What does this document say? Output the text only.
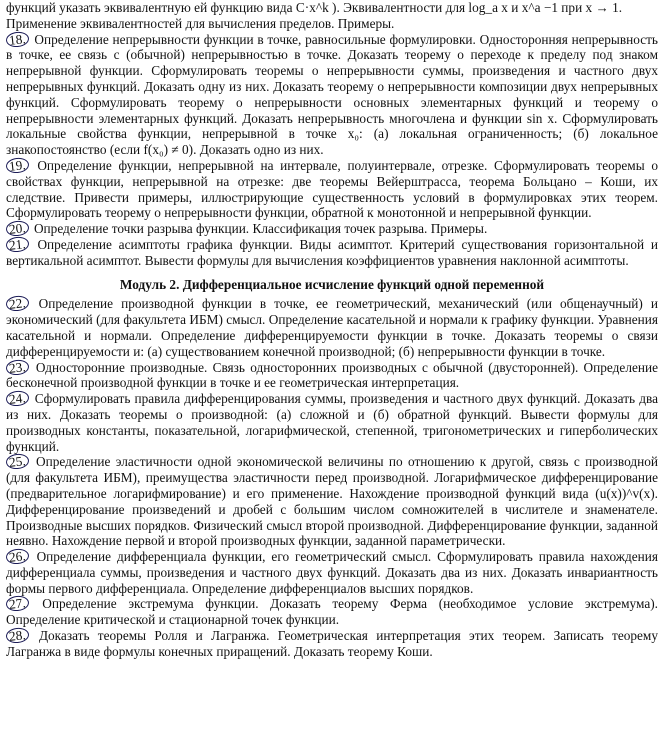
функций указать эквивалентную ей функцию вида C·x^k ). Эквивалентности для log_a x и x^a −1 при x → 1.

Применение эквивалентностей для вычисления пределов. Примеры.

18. Определение непрерывности функции в точке, равносильные формулировки. Односторонняя непрерывность в точке, ее связь с (обычной) непрерывностью в точке. Доказать теорему о переходе к пределу под знаком непрерывной функции. Сформулировать теоремы о непрерывности суммы, произведения и частного двух непрерывных функций. Доказать одну из них. Доказать теорему о непрерывности композиции двух непрерывных функций. Сформулировать теорему о непрерывности основных элементарных функций и теорему о непрерывности элементарных функций. Доказать непрерывность многочлена и функции sin x. Сформулировать локальные свойства функции, непрерывной в точке x₀: (а) локальная ограниченность; (б) локальное знакопостоянство (если f(x₀) ≠ 0). Доказать одно из них.

19. Определение функции, непрерывной на интервале, полуинтервале, отрезке. Сформулировать теоремы о свойствах функции, непрерывной на отрезке: две теоремы Вейерштрасса, теорема Больцано – Коши, их следствие. Привести примеры, иллюстрирующие существенность условий в формулировках этих теорем. Сформулировать теорему о непрерывности функции, обратной к монотонной и непрерывной функции.

20. Определение точки разрыва функции. Классификация точек разрыва. Примеры.

21. Определение асимптоты графика функции. Виды асимптот. Критерий существования горизонтальной и вертикальной асимптот. Вывести формулы для вычисления коэффициентов уравнения наклонной асимптоты.

Модуль 2. Дифференциальное исчисление функций одной переменной

22. Определение производной функции в точке, ее геометрический, механический (или общенаучный) и экономический (для факультета ИБМ) смысл. Определение касательной и нормали к графику функции. Уравнения касательной и нормали. Определение дифференцируемости функции в точке. Доказать теоремы о связи дифференцируемости и: (а) существованием конечной производной; (б) непрерывности функции в точке.

23. Односторонние производные. Связь односторонних производных с обычной (двусторонней). Определение бесконечной производной функции в точке и ее геометрическая интерпретация.

24. Сформулировать правила дифференцирования суммы, произведения и частного двух функций. Доказать два из них. Доказать теоремы о производной: (а) сложной и (б) обратной функций. Вывести формулы для производных константы, показательной, логарифмической, степенной, тригонометрических и гиперболических функций.

25. Определение эластичности одной экономической величины по отношению к другой, связь с производной (для факультета ИБМ), преимущества эластичности перед производной. Логарифмическое дифференцирование (предварительное логарифмирование) и его применение. Нахождение производной функций вида (u(x))^v(x). Дифференцирование произведений и дробей с большим числом сомножителей в числителе и знаменателе. Производные высших порядков. Физический смысл второй производной. Дифференцирование функции, заданной неявно. Нахождение первой и второй производных функции, заданной параметрически.

26. Определение дифференциала функции, его геометрический смысл. Сформулировать правила нахождения дифференциала суммы, произведения и частного двух функций. Доказать два из них. Доказать инвариантность формы первого дифференциала. Определение дифференциалов высших порядков.

27. Определение экстремума функции. Доказать теорему Ферма (необходимое условие экстремума). Определение критической и стационарной точек функции.

28. Доказать теоремы Ролля и Лагранжа. Геометрическая интерпретация этих теорем. Записать теорему Лагранжа в виде формулы конечных приращений. Доказать теорему Коши.
